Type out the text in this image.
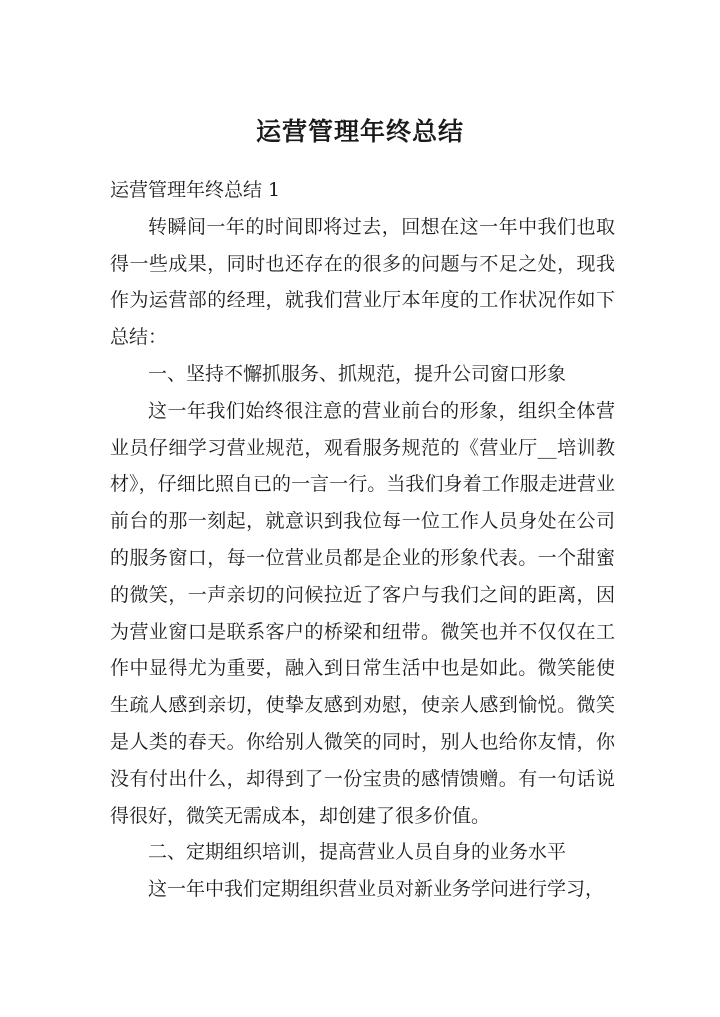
运营管理年终总结

运营管理年终总结 1

转瞬间一年的时间即将过去，回想在这一年中我们也取得一些成果，同时也还存在的很多的问题与不足之处，现我作为运营部的经理，就我们营业厅本年度的工作状况作如下总结：

一、坚持不懈抓服务、抓规范，提升公司窗口形象

这一年我们始终很注意的营业前台的形象，组织全体营业员仔细学习营业规范，观看服务规范的《营业厅__培训教材》，仔细比照自已的一言一行。当我们身着工作服走进营业前台的那一刻起，就意识到我位每一位工作人员身处在公司的服务窗口，每一位营业员都是企业的形象代表。一个甜蜜的微笑，一声亲切的问候拉近了客户与我们之间的距离，因为营业窗口是联系客户的桥梁和纽带。微笑也并不仅仅在工作中显得尤为重要，融入到日常生活中也是如此。微笑能使生疏人感到亲切，使挚友感到劝慰，使亲人感到愉悦。微笑是人类的春天。你给别人微笑的同时，别人也给你友情，你没有付出什么，却得到了一份宝贵的感情馈赠。有一句话说得很好，微笑无需成本，却创建了很多价值。

二、定期组织培训，提高营业人员自身的业务水平

这一年中我们定期组织营业员对新业务学问进行学习，
